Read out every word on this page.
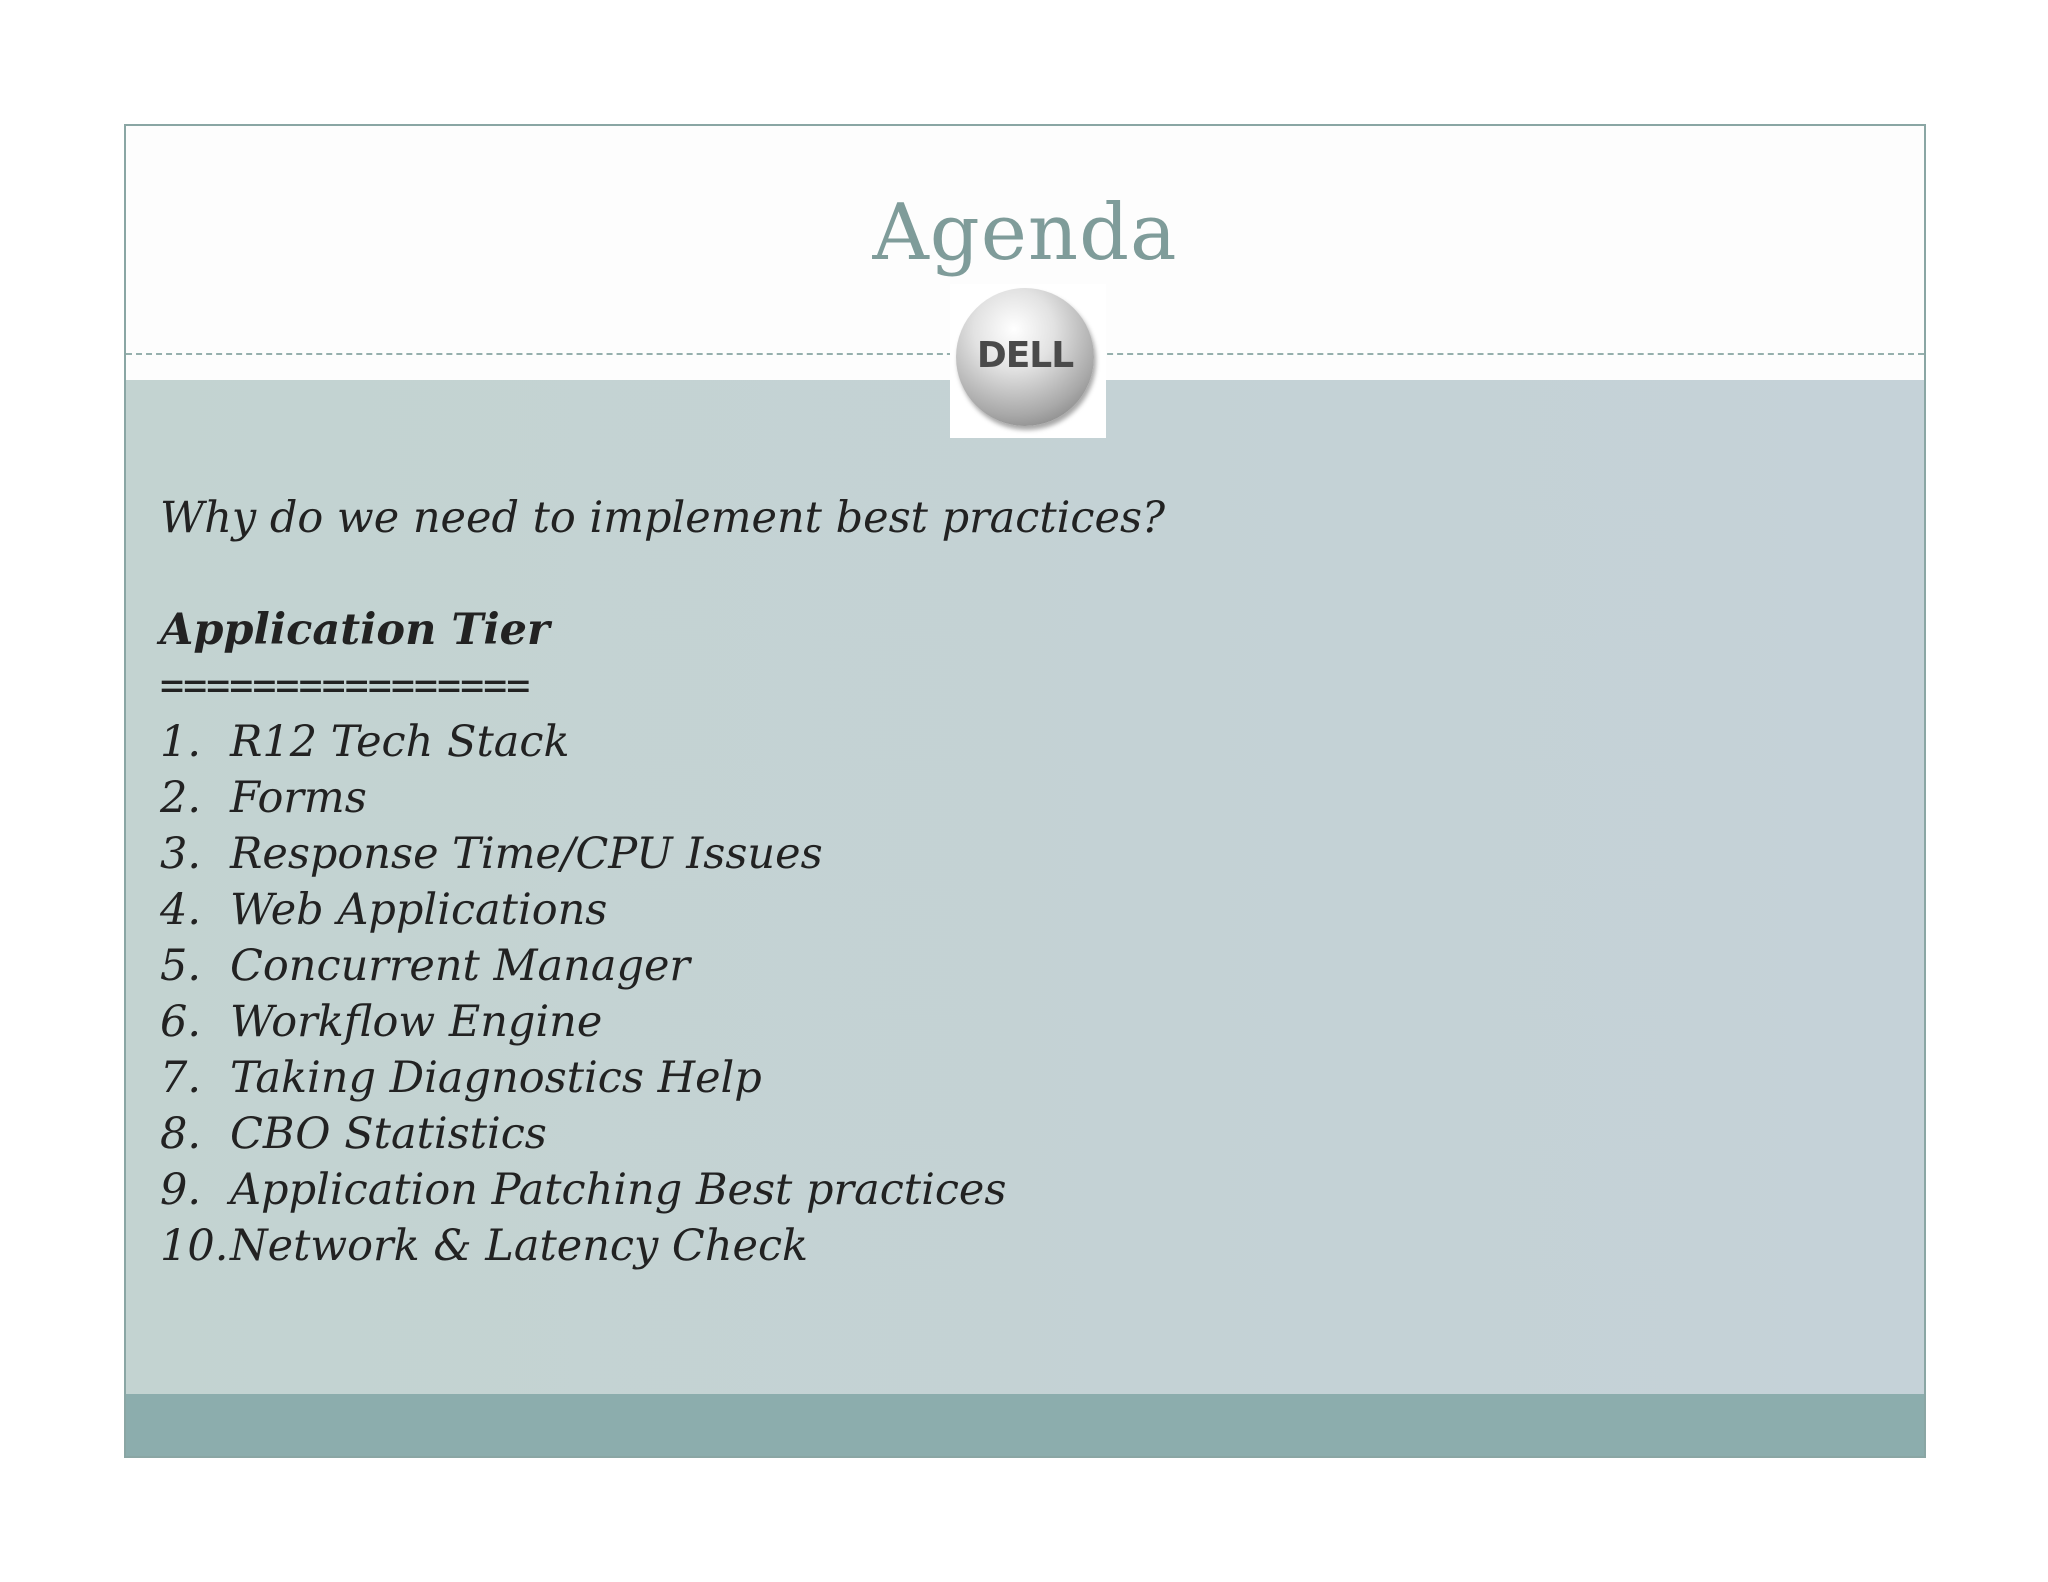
Agenda
DELL
Why do we need to implement best practices?
Application Tier
================
1. R12 Tech Stack
2. Forms
3. Response Time/CPU Issues
4. Web Applications
5. Concurrent Manager
6. Workflow Engine
7. Taking Diagnostics Help
8. CBO Statistics
9. Application Patching Best practices
10. Network & Latency Check
